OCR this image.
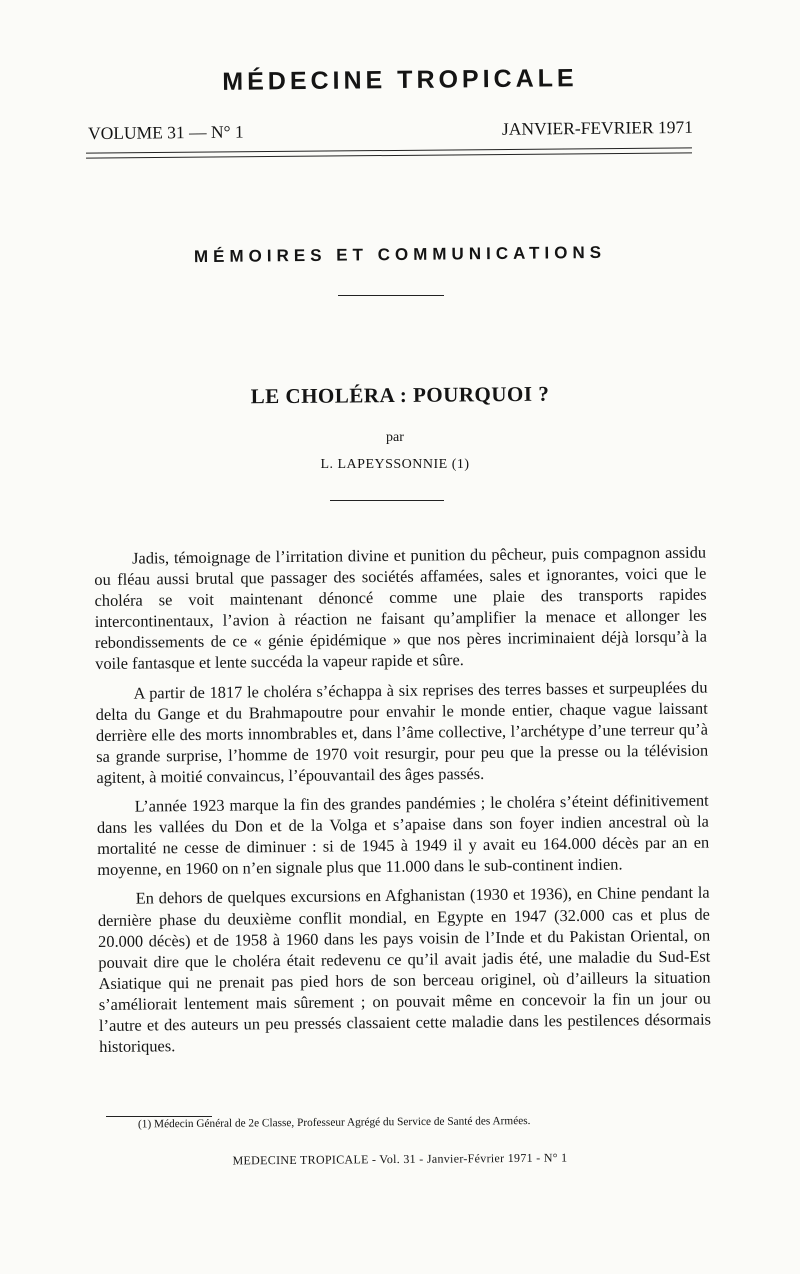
MÉDECINE TROPICALE
VOLUME 31 — N° 1	JANVIER-FEVRIER 1971
MÉMOIRES ET COMMUNICATIONS
LE CHOLÉRA : POURQUOI ?

par

L. LAPEYSSONNIE (1)

Jadis, témoignage de l’irritation divine et punition du pêcheur, puis compagnon assidu ou fléau aussi brutal que passager des sociétés affamées, sales et ignorantes, voici que le choléra se voit maintenant dénoncé comme une plaie des transports rapides intercontinentaux, l’avion à réaction ne faisant qu’amplifier la menace et allonger les rebondissements de ce « génie épidémique » que nos pères incriminaient déjà lorsqu’à la voile fantasque et lente succéda la vapeur rapide et sûre.

A partir de 1817 le choléra s’échappa à six reprises des terres basses et surpeuplées du delta du Gange et du Brahmapoutre pour envahir le monde entier, chaque vague laissant derrière elle des morts innombrables et, dans l’âme collective, l’archétype d’une terreur qu’à sa grande surprise, l’homme de 1970 voit resurgir, pour peu que la presse ou la télévision agitent, à moitié convaincus, l’épouvantail des âges passés.

L’année 1923 marque la fin des grandes pandémies ; le choléra s’éteint définitivement dans les vallées du Don et de la Volga et s’apaise dans son foyer indien ancestral où la mortalité ne cesse de diminuer : si de 1945 à 1949 il y avait eu 164.000 décès par an en moyenne, en 1960 on n’en signale plus que 11.000 dans le sub-continent indien.

En dehors de quelques excursions en Afghanistan (1930 et 1936), en Chine pendant la dernière phase du deuxième conflit mondial, en Egypte en 1947 (32.000 cas et plus de 20.000 décès) et de 1958 à 1960 dans les pays voisin de l’Inde et du Pakistan Oriental, on pouvait dire que le choléra était redevenu ce qu’il avait jadis été, une maladie du Sud-Est Asiatique qui ne prenait pas pied hors de son berceau originel, où d’ailleurs la situation s’améliorait lentement mais sûrement ; on pouvait même en concevoir la fin un jour ou l’autre et des auteurs un peu pressés classaient cette maladie dans les pestilences désormais historiques.

(1) Médecin Général de 2e Classe, Professeur Agrégé du Service de Santé des Armées.

MEDECINE TROPICALE - Vol. 31 - Janvier-Février 1971 - N° 1
